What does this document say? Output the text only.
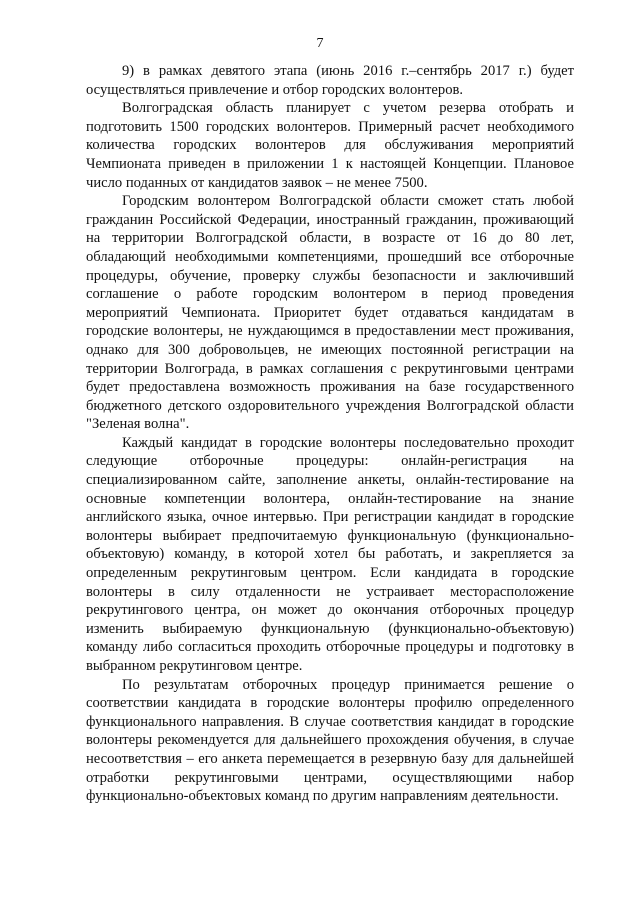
7

9) в рамках девятого этапа (июнь 2016 г.–сентябрь 2017 г.) будет осуществляться привлечение и отбор городских волонтеров.

Волгоградская область планирует с учетом резерва отобрать и подготовить 1500 городских волонтеров. Примерный расчет необходимого количества городских волонтеров для обслуживания мероприятий Чемпионата приведен в приложении 1 к настоящей Концепции. Плановое число поданных от кандидатов заявок – не менее 7500.

Городским волонтером Волгоградской области сможет стать любой гражданин Российской Федерации, иностранный гражданин, проживающий на территории Волгоградской области, в возрасте от 16 до 80 лет, обладающий необходимыми компетенциями, прошедший все отборочные процедуры, обучение, проверку службы безопасности и заключивший соглашение о работе городским волонтером в период проведения мероприятий Чемпионата. Приоритет будет отдаваться кандидатам в городские волонтеры, не нуждающимся в предоставлении мест проживания, однако для 300 добровольцев, не имеющих постоянной регистрации на территории Волгограда, в рамках соглашения с рекрутинговыми центрами будет предоставлена возможность проживания на базе государственного бюджетного детского оздоровительного учреждения Волгоградской области "Зеленая волна".

Каждый кандидат в городские волонтеры последовательно проходит следующие отборочные процедуры: онлайн-регистрация на специализированном сайте, заполнение анкеты, онлайн-тестирование на основные компетенции волонтера, онлайн-тестирование на знание английского языка, очное интервью. При регистрации кандидат в городские волонтеры выбирает предпочитаемую функциональную (функционально-объектовую) команду, в которой хотел бы работать, и закрепляется за определенным рекрутинговым центром. Если кандидата в городские волонтеры в силу отдаленности не устраивает месторасположение рекрутингового центра, он может до окончания отборочных процедур изменить выбираемую функциональную (функционально-объектовую) команду либо согласиться проходить отборочные процедуры и подготовку в выбранном рекрутинговом центре.

По результатам отборочных процедур принимается решение о соответствии кандидата в городские волонтеры профилю определенного функционального направления. В случае соответствия кандидат в городские волонтеры рекомендуется для дальнейшего прохождения обучения, в случае несоответствия – его анкета перемещается в резервную базу для дальнейшей отработки рекрутинговыми центрами, осуществляющими набор функционально-объектовых команд по другим направлениям деятельности.
